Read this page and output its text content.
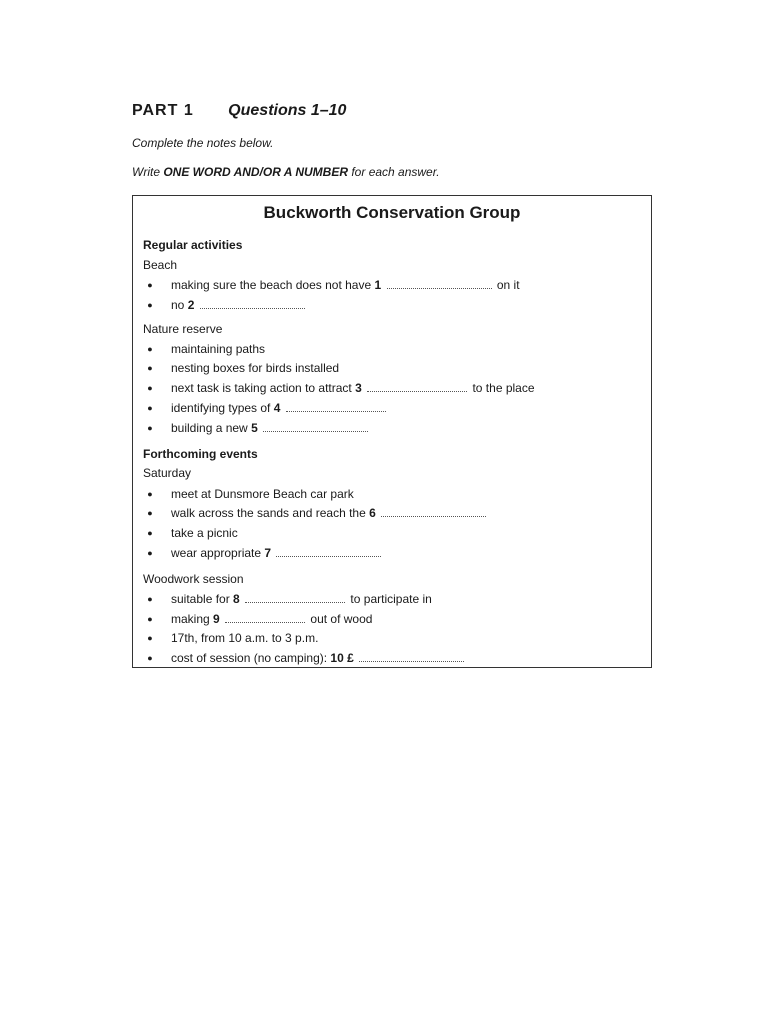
PART 1 Questions 1–10
Complete the notes below.
Write ONE WORD AND/OR A NUMBER for each answer.
Buckworth Conservation Group
Regular activities
Beach
●	making sure the beach does not have 1	on it
●	no 2
Nature reserve
●	maintaining paths
●	nesting boxes for birds installed
●	next task is taking action to attract 3	to the place
●	identifying types of 4
●	building a new 5
Forthcoming events
Saturday
●	meet at Dunsmore Beach car park
●	walk across the sands and reach the 6
●	take a picnic
●	wear appropriate 7
Woodwork session
●	suitable for 8	to participate in
●	making 9	out of wood
●	17th, from 10 a.m. to 3 p.m.
●	cost of session (no camping): 10 £
